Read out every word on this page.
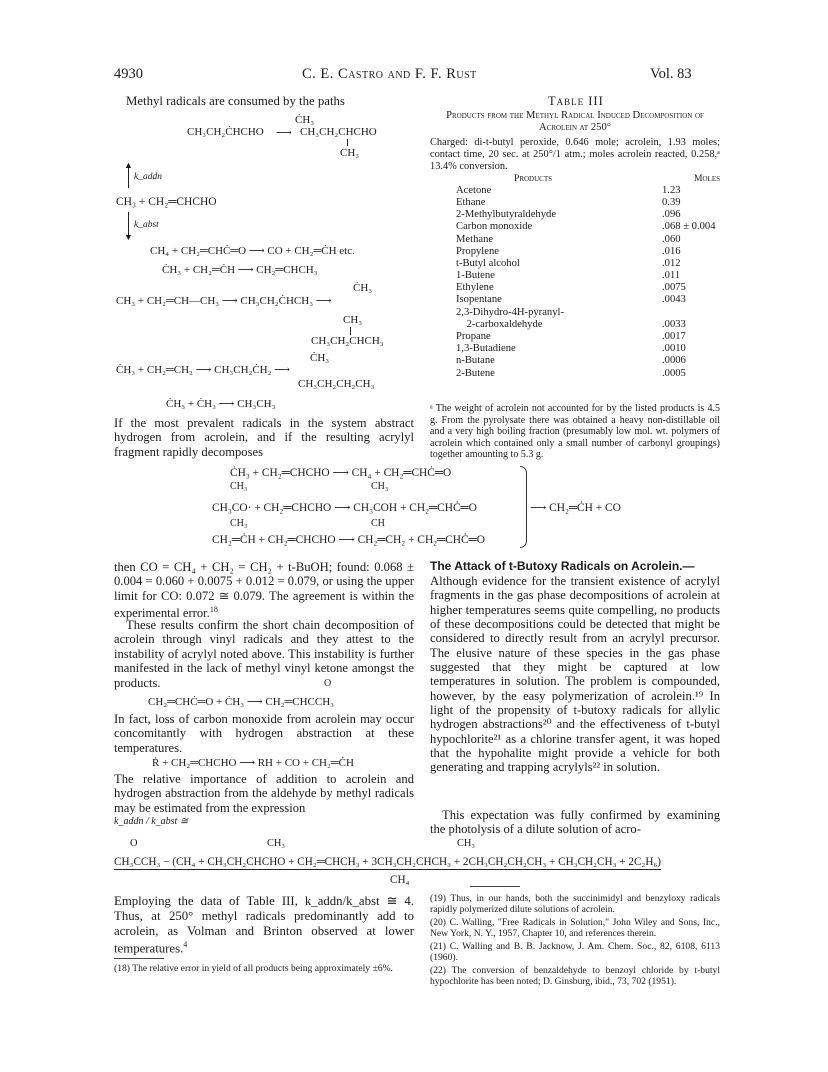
4930	C. E. Castro and F. F. Rust	Vol. 83
Methyl radicals are consumed by the paths
ĊH₃
CH₃CH₂ĊHCHO ⟶ CH₃CH₂CHCHO
CH₃
▲
k_addn
CH₃ + CH₂═CHCHO
▼
k_abst
CH₄ + CH₂═CHĊ═O ⟶ CO + CH₂═ĊH etc.
ĊH₃ + CH₂═ĊH ⟶ CH₂═CHCH₃
ĊH₃
CH₃ + CH₂═CH—CH₃ ⟶ CH₃CH₂ĊHCH₃ ⟶
CH₃
CH₃CH₂CHCH₃
ĊH₃
ĊH₃ + CH₂═CH₂ ⟶ CH₃CH₂ĊH₂ ⟶
CH₃CH₂CH₂CH₃
ĊH₃ + ĊH₃ ⟶ CH₃CH₃
If the most prevalent radicals in the system abstract hydrogen from acrolein, and if the resulting acrylyl fragment rapidly decomposes
Table III
Products from the Methyl Radical Induced Decomposition of Acrolein at 250°
Charged: di-t-butyl peroxide, 0.646 mole; acrolein, 1.93 moles; contact time, 20 sec. at 250°/1 atm.; moles acrolein reacted, 0.258,ᵃ 13.4% conversion.
Products	Moles
Acetone	1.23
Ethane	0.39
2-Methylbutyraldehyde	.096
Carbon monoxide	.068 ± 0.004
Methane	.060
Propylene	.016
t-Butyl alcohol	.012
1-Butene	.011
Ethylene	.0075
Isopentane	.0043
2,3-Dihydro-4H-pyranyl-	
2-carboxaldehyde	.0033
Propane	.0017
1,3-Butadiene	.0010
n-Butane	.0006
2-Butene	.0005
ᵃ The weight of acrolein not accounted for by the listed products is 4.5 g. From the pyrolysate there was obtained a heavy non-distillable oil and a very high boiling fraction (presumably low mol. wt. polymers of acrolein which contained only a small number of carbonyl groupings) together amounting to 5.3 g.
ĊH₃ + CH₂═CHCHO ⟶ CH₄ + CH₂═CHĊ═O
CH₃	CH₃
CH₃CO· + CH₂═CHCHO ⟶ CH₃COH + CH₂═CHĊ═O
CH₃	CH
CH₂═ĊH + CH₂═CHCHO ⟶ CH₂═CH₂ + CH₂═CHĊ═O
⟶ CH₂═ĊH + CO
then CO = CH₄ + CH₂ = CH₂ + t-BuOH; found: 0.068 ± 0.004 = 0.060 + 0.0075 + 0.012 = 0.079, or using the upper limit for CO: 0.072 ≅ 0.079. The agreement is within the experimental error.$^{18}$
These results confirm the short chain decomposition of acrolein through vinyl radicals and they attest to the instability of acrylyl noted above. This instability is further manifested in the lack of methyl vinyl ketone amongst the products.	O
CH₂═CHĊ═O + ĊH₃ ⟶ CH₂═CHCCH₃
In fact, loss of carbon monoxide from acrolein may occur concomitantly with hydrogen abstraction at these temperatures.
Ṙ + CH₂═CHCHO ⟶ RH + CO + CH₂═ĊH
The relative importance of addition to acrolein and hydrogen abstraction from the aldehyde by methyl radicals may be estimated from the expression
k_addn / k_abst ≅
O	CH₃	CH₃
CH₃CCH₃ − (CH₄ + CH₃CH₂CHCHO + CH₂═CHCH₃ + 3CH₃CH₂CHCH₃ + 2CH₃CH₂CH₂CH₃ + CH₃CH₂CH₃ + 2C₂H₆)
CH₄
Employing the data of Table III, k_addn/k_abst ≅ 4. Thus, at 250° methyl radicals predominantly add to acrolein, as Volman and Brinton observed at lower temperatures.$^4$
(18) The relative error in yield of all products being approximately ±6%.
The Attack of t-Butoxy Radicals on Acrolein.—
Although evidence for the transient existence of acrylyl fragments in the gas phase decompositions of acrolein at higher temperatures seems quite compelling, no products of these decompositions could be detected that might be considered to directly result from an acrylyl precursor. The elusive nature of these species in the gas phase suggested that they might be captured at low temperatures in solution. The problem is compounded, however, by the easy polymerization of acrolein.¹⁹ In light of the propensity of t-butoxy radicals for allylic hydrogen abstractions²⁰ and the effectiveness of t-butyl hypochlorite²¹ as a chlorine transfer agent, it was hoped that the hypohalite might provide a vehicle for both generating and trapping acrylyls²² in solution.
This expectation was fully confirmed by examining the photolysis of a dilute solution of acro-
(19) Thus, in our hands, both the succinimidyl and benzyloxy radicals rapidly polymerized dilute solutions of acrolein.
(20) C. Walling, "Free Radicals in Solution," John Wiley and Sons, Inc., New York, N. Y., 1957, Chapter 10, and references therein.
(21) C. Walling and B. B. Jacknow, J. Am. Chem. Soc., 82, 6108, 6113 (1960).
(22) The conversion of benzaldehyde to benzoyl chloride by t-butyl hypochlorite has been noted; D. Ginsburg, ibid., 73, 702 (1951).
